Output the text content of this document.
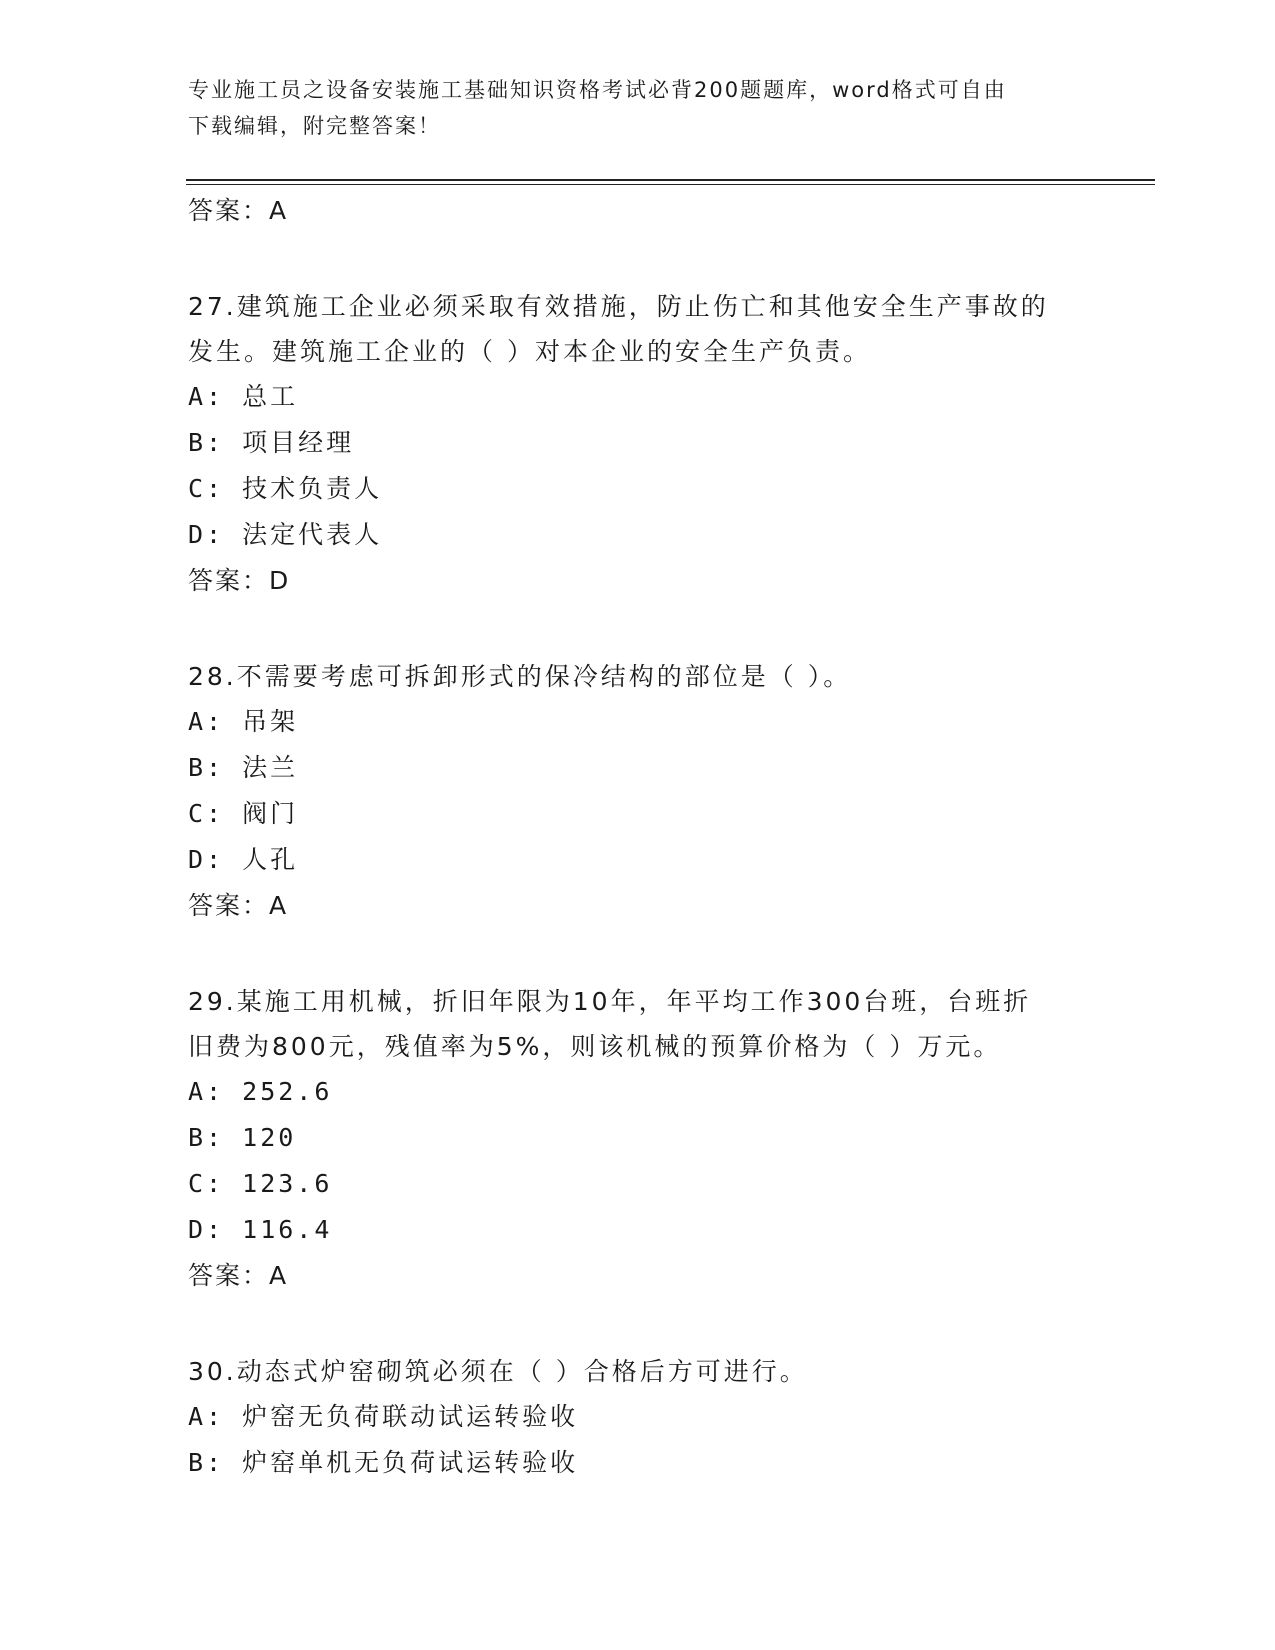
专业施工员之设备安装施工基础知识资格考试必背200题题库，word格式可自由
下载编辑，附完整答案！

答案：A

27.建筑施工企业必须采取有效措施，防止伤亡和其他安全生产事故的

发生。建筑施工企业的（ ）对本企业的安全生产负责。

A: 总工

B: 项目经理

C: 技术负责人

D: 法定代表人

答案：D

28.不需要考虑可拆卸形式的保冷结构的部位是（ ）。

A: 吊架

B: 法兰

C: 阀门

D: 人孔

答案：A

29.某施工用机械，折旧年限为10年，年平均工作300台班，台班折

旧费为800元，残值率为5%，则该机械的预算价格为（ ）万元。

A: 252.6

B: 120

C: 123.6

D: 116.4

答案：A

30.动态式炉窑砌筑必须在（ ）合格后方可进行。

A: 炉窑无负荷联动试运转验收

B: 炉窑单机无负荷试运转验收
